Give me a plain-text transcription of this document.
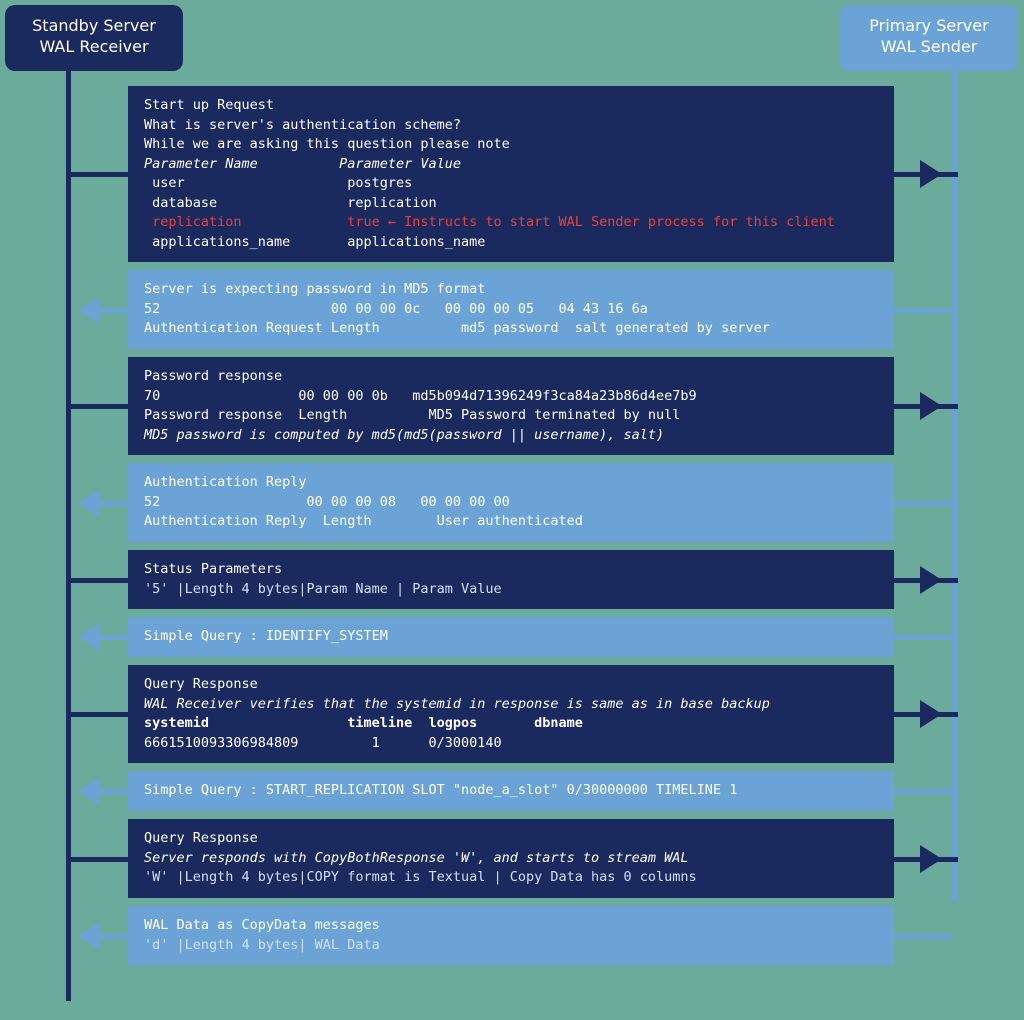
Standby Server
WAL Receiver
Primary Server
WAL Sender
Start up Request
What is server's authentication scheme?
While we are asking this question please note
Parameter Name          Parameter Value
user                    postgres
database                replication
replication             true ← Instructs to start WAL Sender process for this client
applications_name       applications_name
Server is expecting password in MD5 format
52                     00 00 00 0c   00 00 00 05   04 43 16 6a
Authentication Request Length          md5 password  salt generated by server
Password response
70                 00 00 00 0b   md5b094d71396249f3ca84a23b86d4ee7b9
Password response  Length          MD5 Password terminated by null
MD5 password is computed by md5(md5(password || username), salt)
Authentication Reply
52                  00 00 00 08   00 00 00 00
Authentication Reply  Length        User authenticated
Status Parameters
'5' |Length 4 bytes|Param Name | Param Value
Simple Query : IDENTIFY_SYSTEM
Query Response
WAL Receiver verifies that the systemid in response is same as in base backup
systemid                 timeline  logpos       dbname
6661510093306984809         1      0/3000140
Simple Query : START_REPLICATION SLOT "node_a_slot" 0/30000000 TIMELINE 1
Query Response
Server responds with CopyBothResponse 'W', and starts to stream WAL
'W' |Length 4 bytes|COPY format is Textual | Copy Data has 0 columns
WAL Data as CopyData messages
'd' |Length 4 bytes| WAL Data
